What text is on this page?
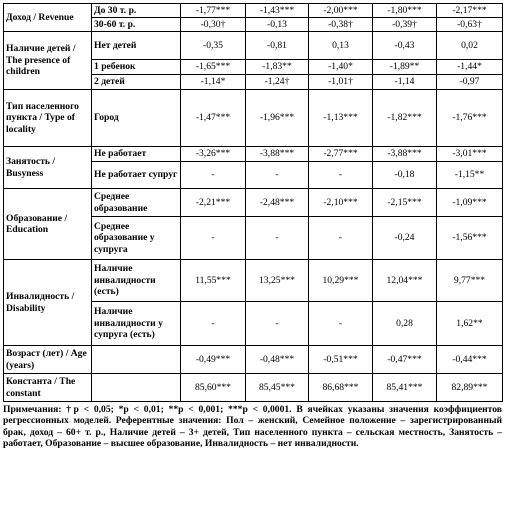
Доход / Revenue	До 30 т. р.	-1,77***	-1,43***	-2,00***	-1,80***	-2,17***
	30-60 т. р.	-0,30†	-0,13	-0,38†	-0,39†	-0,63†
Наличие детей / The presence of children	Нет детей	-0,35	-0,81	0,13	-0,43	0,02
	1 ребенок	-1,65***	-1,83**	-1,40*	-1,89**	-1,44*
	2 детей	-1,14*	-1,24†	-1,01†	-1,14	-0,97
Тип населенного пункта / Type of locality	Город	-1,47***	-1,96***	-1,13***	-1,82***	-1,76***
Занятость / Busyness	Не работает	-3,26***	-3,88***	-2,77***	-3,88***	-3,01***
	Не работает супруг	-	-	-	-0,18	-1,15**
Образование / Education	Среднее образование	-2,21***	-2,48***	-2,10***	-2,15***	-1,09***
	Среднее образование у супруга	-	-	-	-0,24	-1,56***
Инвалидность / Disability	Наличие инвалидности (есть)	11,55***	13,25***	10,29***	12,04***	9,77***
	Наличие инвалидности у супруга (есть)	-	-	-	0,28	1,62**
Возраст (лет) / Age (years)		-0,49***	-0,48***	-0,51***	-0,47***	-0,44***
Константа / The constant		85,60***	85,45***	86,68***	85,41***	82,89***
Примечания: †p < 0,05; *p < 0,01; **p < 0,001; ***p < 0,0001. В ячейках указаны значения коэффициентов регрессионных моделей. Референтные значения: Пол – женский, Семейное положение – зарегистрированный брак, доход – 60+ т. р., Наличие детей – 3+ детей, Тип населенного пункта – сельская местность, Занятость – работает, Образование – высшее образование, Инвалидность – нет инвалидности.
